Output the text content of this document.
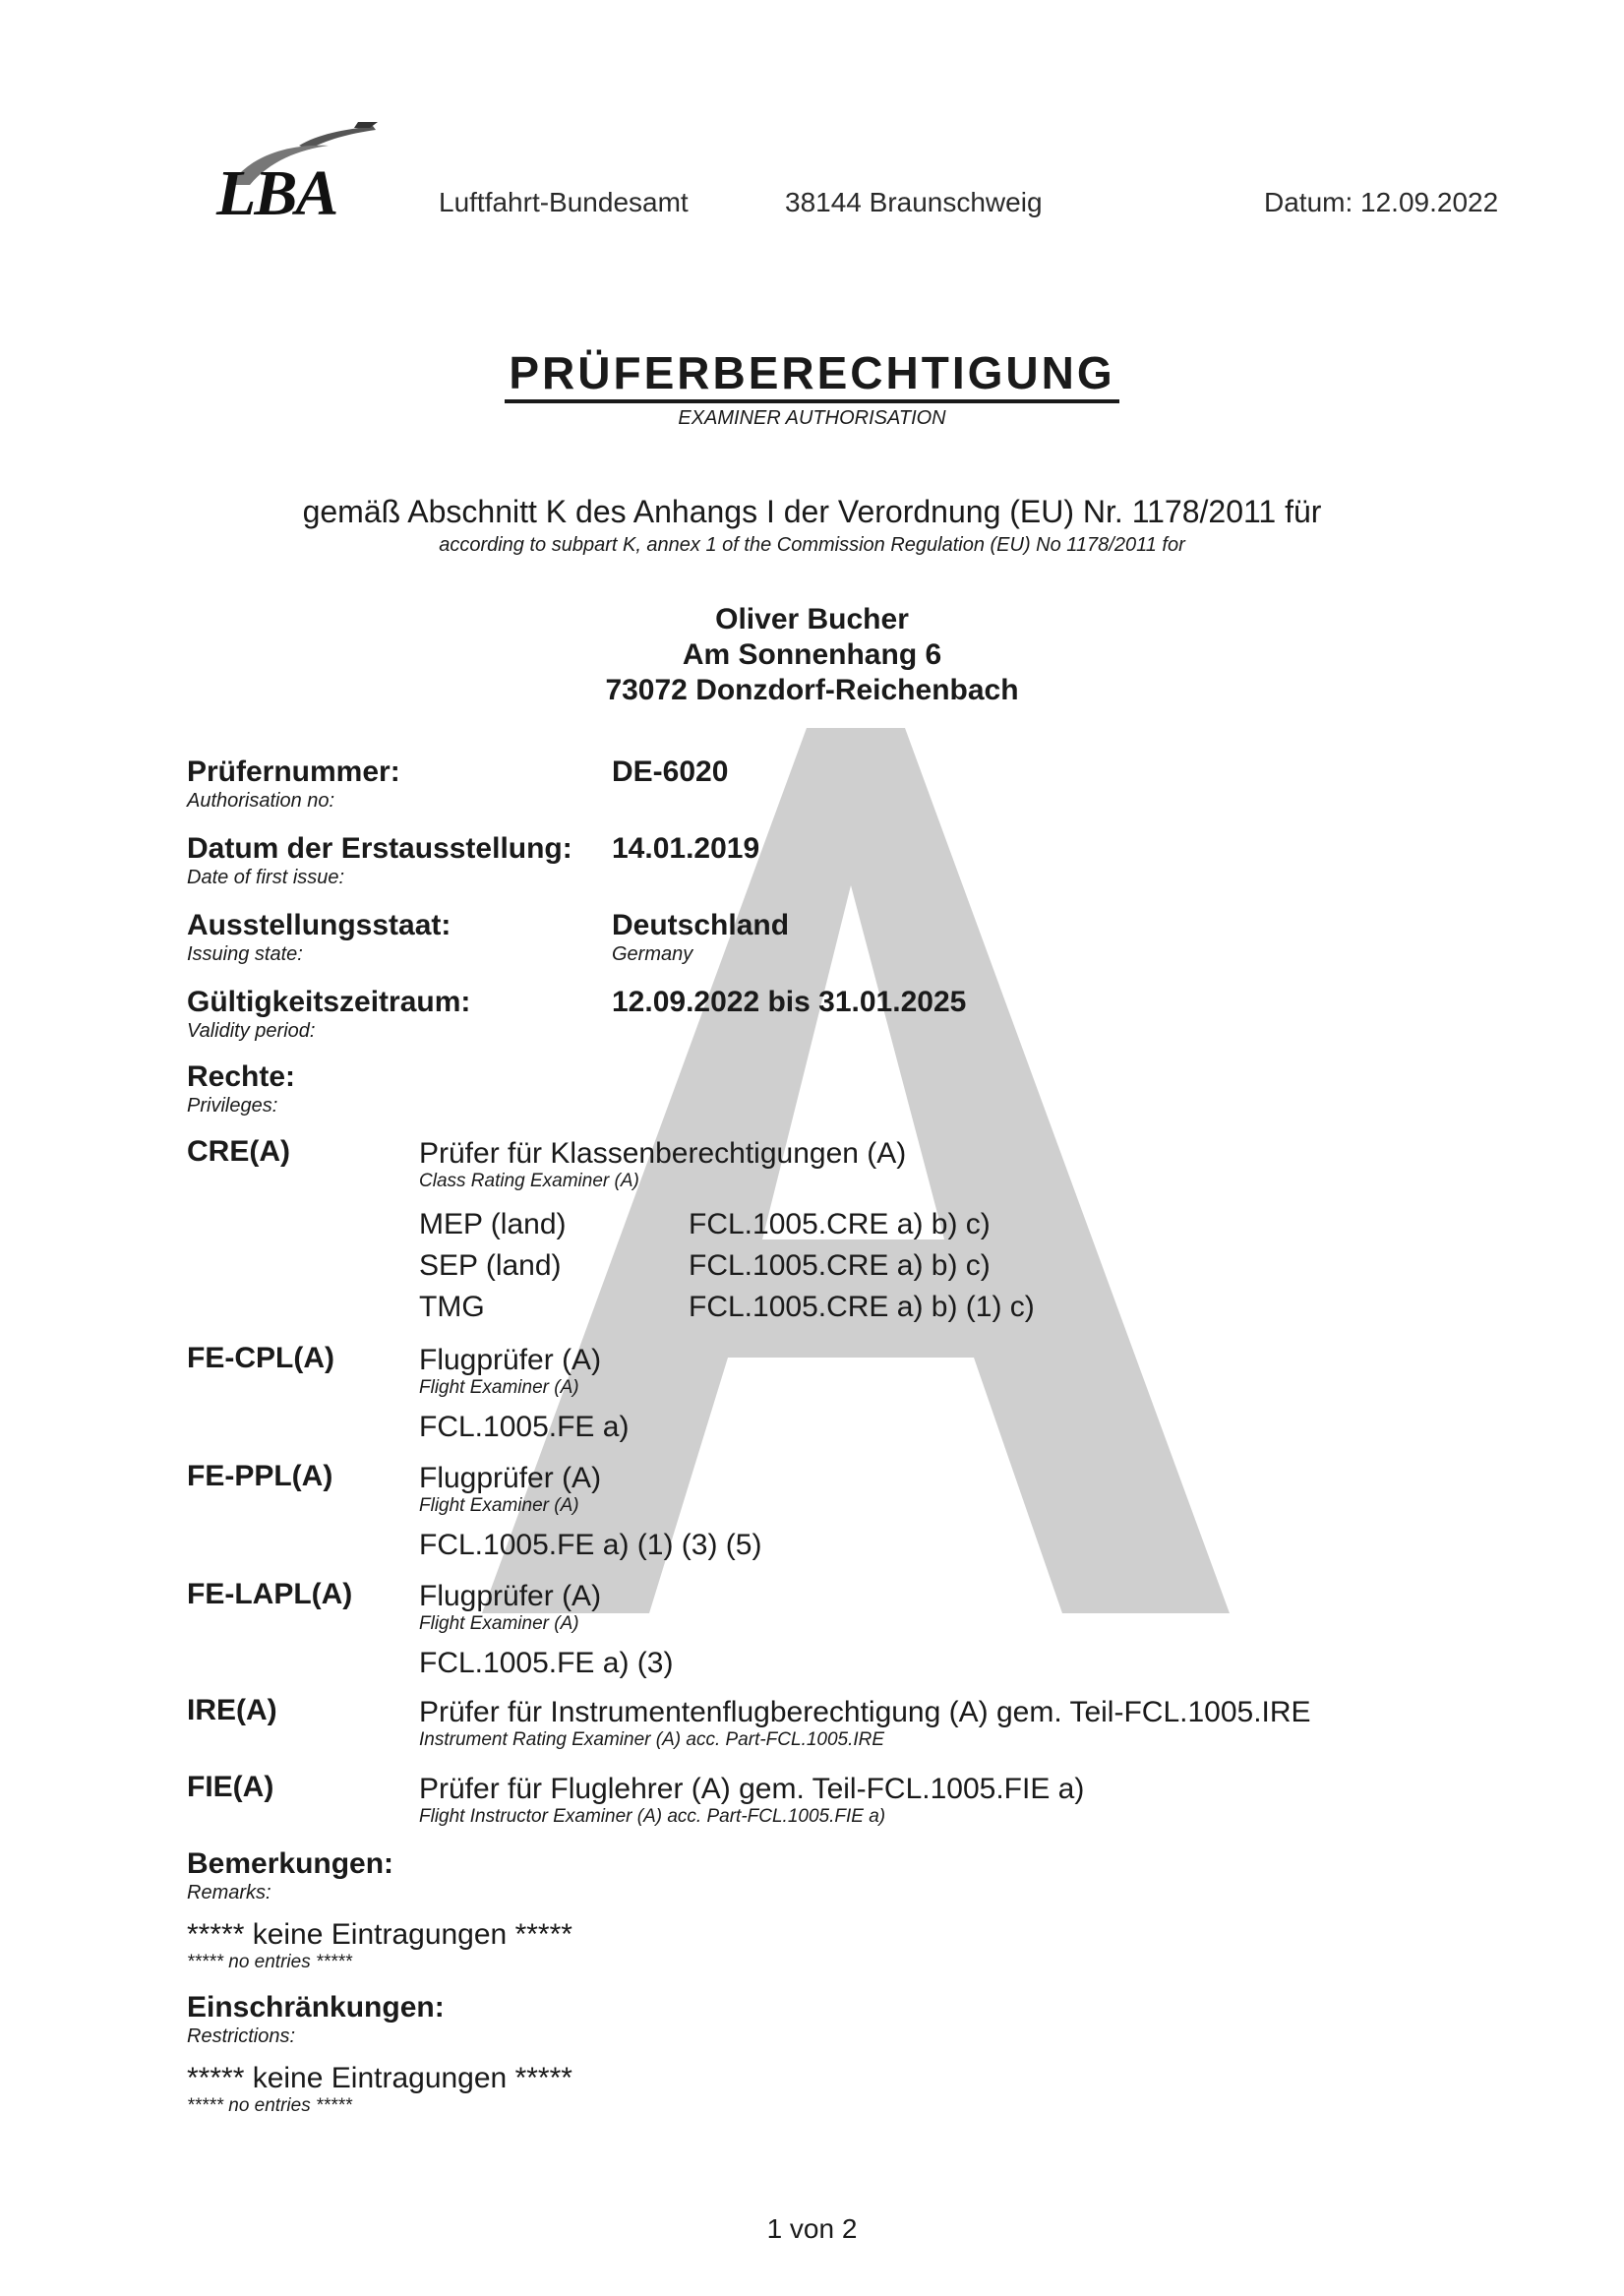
LBA	Luftfahrt-Bundesamt	38144 Braunschweig	Datum: 12.09.2022
PRÜFERBERECHTIGUNG
EXAMINER AUTHORISATION
gemäß Abschnitt K des Anhangs I der Verordnung (EU) Nr. 1178/2011 für
according to subpart K, annex 1 of the Commission Regulation (EU) No 1178/2011 for
Oliver Bucher
Am Sonnenhang 6
73072 Donzdorf-Reichenbach
Prüfernummer:
Authorisation no:
DE-6020
Datum der Erstausstellung:
Date of first issue:
14.01.2019
Ausstellungsstaat:
Issuing state:
Deutschland
Germany
Gültigkeitszeitraum:
Validity period:
12.09.2022 bis 31.01.2025
Rechte:
Privileges:
CRE(A)	Prüfer für Klassenberechtigungen (A)
Class Rating Examiner (A)
MEP (land)	FCL.1005.CRE a) b) c)
SEP (land)	FCL.1005.CRE a) b) c)
TMG	FCL.1005.CRE a) b) (1) c)
FE-CPL(A)	Flugprüfer (A)
Flight Examiner (A)
FCL.1005.FE a)
FE-PPL(A)	Flugprüfer (A)
Flight Examiner (A)
FCL.1005.FE a) (1) (3) (5)
FE-LAPL(A) Flugprüfer (A)
Flight Examiner (A)
FCL.1005.FE a) (3)
IRE(A)	Prüfer für Instrumentenflugberechtigung (A) gem. Teil-FCL.1005.IRE
Instrument Rating Examiner (A) acc. Part-FCL.1005.IRE
FIE(A)	Prüfer für Fluglehrer (A) gem. Teil-FCL.1005.FIE a)
Flight Instructor Examiner (A) acc. Part-FCL.1005.FIE a)
Bemerkungen:
Remarks:
***** keine Eintragungen *****
***** no entries *****
Einschränkungen:
Restrictions:
***** keine Eintragungen *****
***** no entries *****
1 von 2
